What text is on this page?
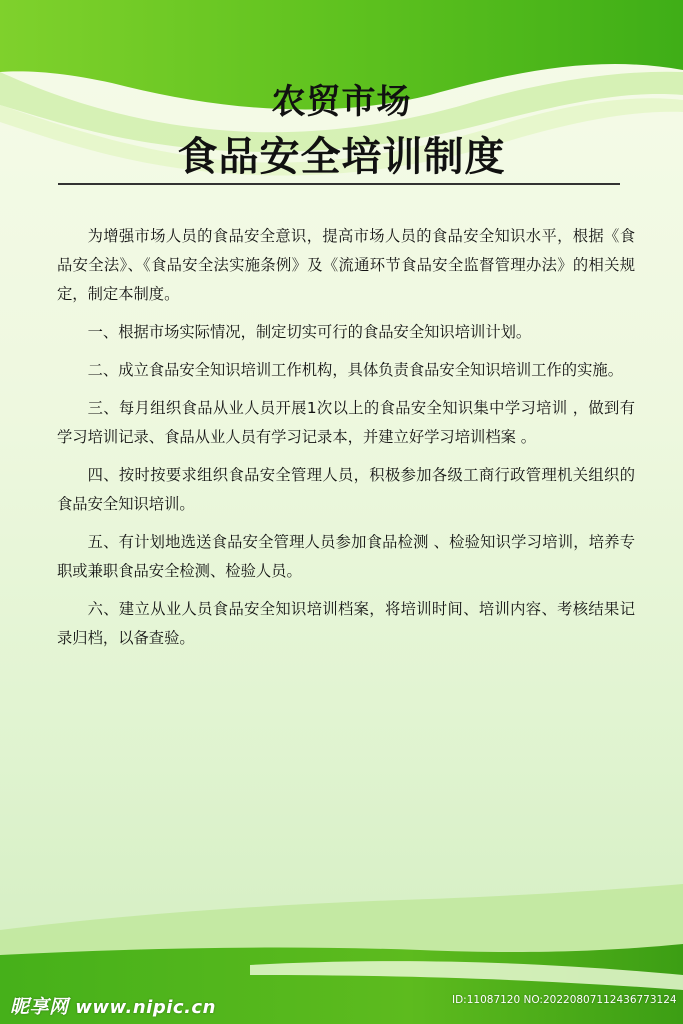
农贸市场
食品安全培训制度

为增强市场人员的食品安全意识，提高市场人员的食品安全知识水平，根据《食品安全法》、《食品安全法实施条例》及《流通环节食品安全监督管理办法》的相关规定，制定本制度。

一、根据市场实际情况，制定切实可行的食品安全知识培训计划。

二、成立食品安全知识培训工作机构，具体负责食品安全知识培训工作的实施。

三、每月组织食品从业人员开展1次以上的食品安全知识集中学习培训 ，做到有学习培训记录、食品从业人员有学习记录本，并建立好学习培训档案 。

四、按时按要求组织食品安全管理人员，积极参加各级工商行政管理机关组织的食品安全知识培训。

五、有计划地选送食品安全管理人员参加食品检测 、检验知识学习培训，培养专职或兼职食品安全检测、检验人员。

六、建立从业人员食品安全知识培训档案，将培训时间、培训内容、考核结果记录归档，以备查验。

昵享网 www.nipic.cn	ID:11087120 NO:20220807112436773124
